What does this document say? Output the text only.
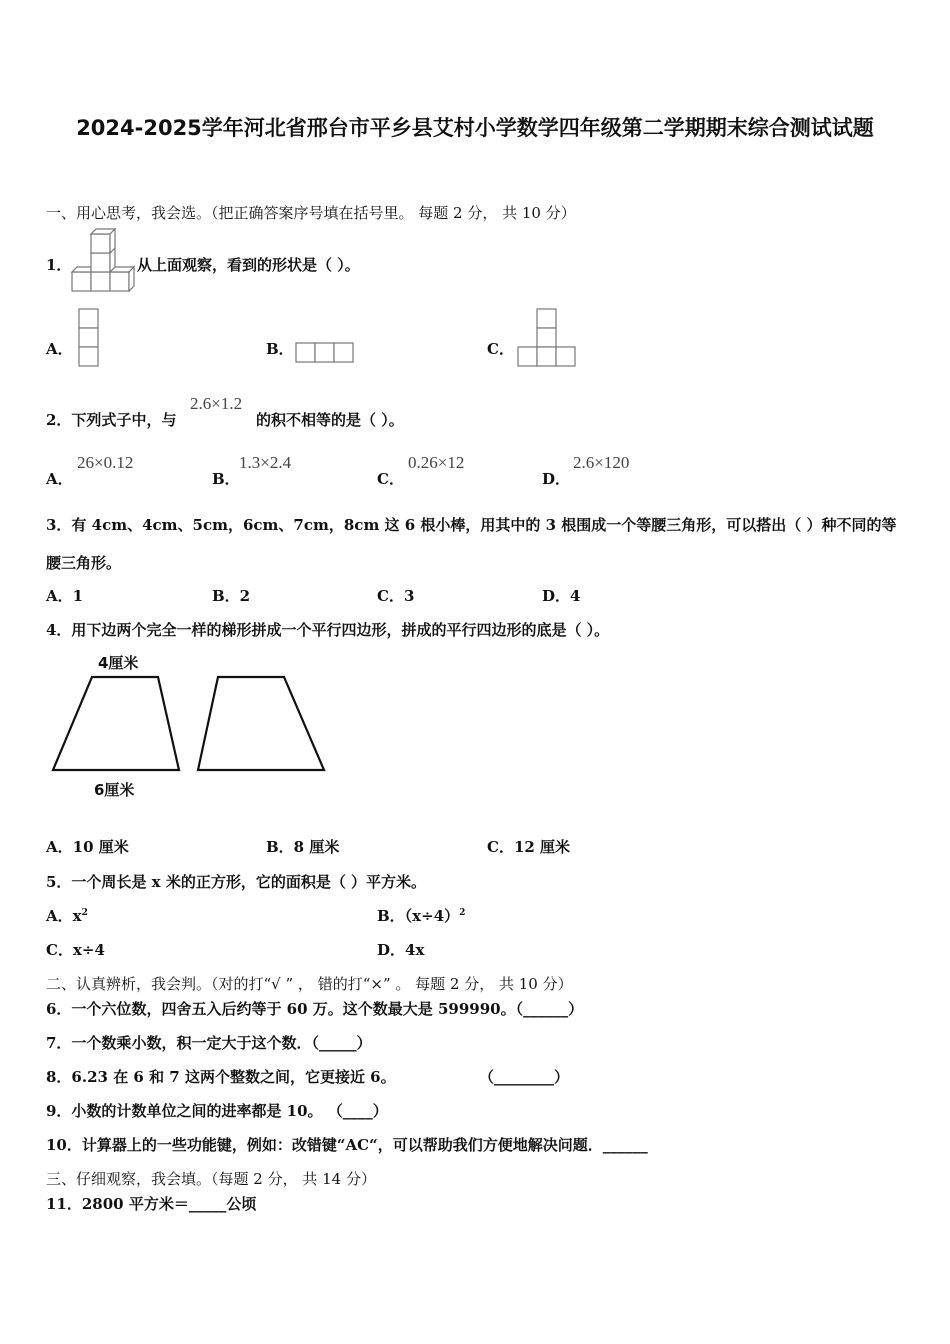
2024-2025学年河北省邢台市平乡县艾村小学数学四年级第二学期期末综合测试试题
一、用心思考，我会选。（把正确答案序号填在括号里。 每题 2 分， 共 10 分）
1．	从上面观察，看到的形状是（ ）。
A．	B．	C．
2．下列式子中，与
2.6×1.2
的积不相等的是（ ）。
A．
26×0.12
B．
1.3×2.4
C．
0.26×12
D．
2.6×120
3．有 4cm、4cm、5cm，6cm、7cm，8cm 这 6 根小棒，用其中的 3 根围成一个等腰三角形，可以搭出（ ）种不同的等
腰三角形。
A．1	B．2	C．3	D．4
4．用下边两个完全一样的梯形拼成一个平行四边形，拼成的平行四边形的底是（ ）。
4厘米
6厘米
A．10 厘米	B．8 厘米	C．12 厘米
5．一个周长是 x 米的正方形，它的面积是（ ）平方米。
A．$x^2$	B．$(x\div 4)^2$
C．x÷4	D．4x
二、认真辨析，我会判。（对的打“√ ” ， 错的打“×” 。 每题 2 分， 共 10 分）
6．一个六位数，四舍五入后约等于 60 万。这个数最大是 599990。（______）
7．一个数乘小数，积一定大于这个数．（_____）
8．6.23 在 6 和 7 这两个整数之间，它更接近 6。	（________）
9．小数的计数单位之间的进率都是 10。 （____）
10．计算器上的一些功能键，例如：改错键“AC“，可以帮助我们方便地解决问题．______
三、仔细观察，我会填。（每题 2 分， 共 14 分）
11．2800 平方米＝_____公顷
